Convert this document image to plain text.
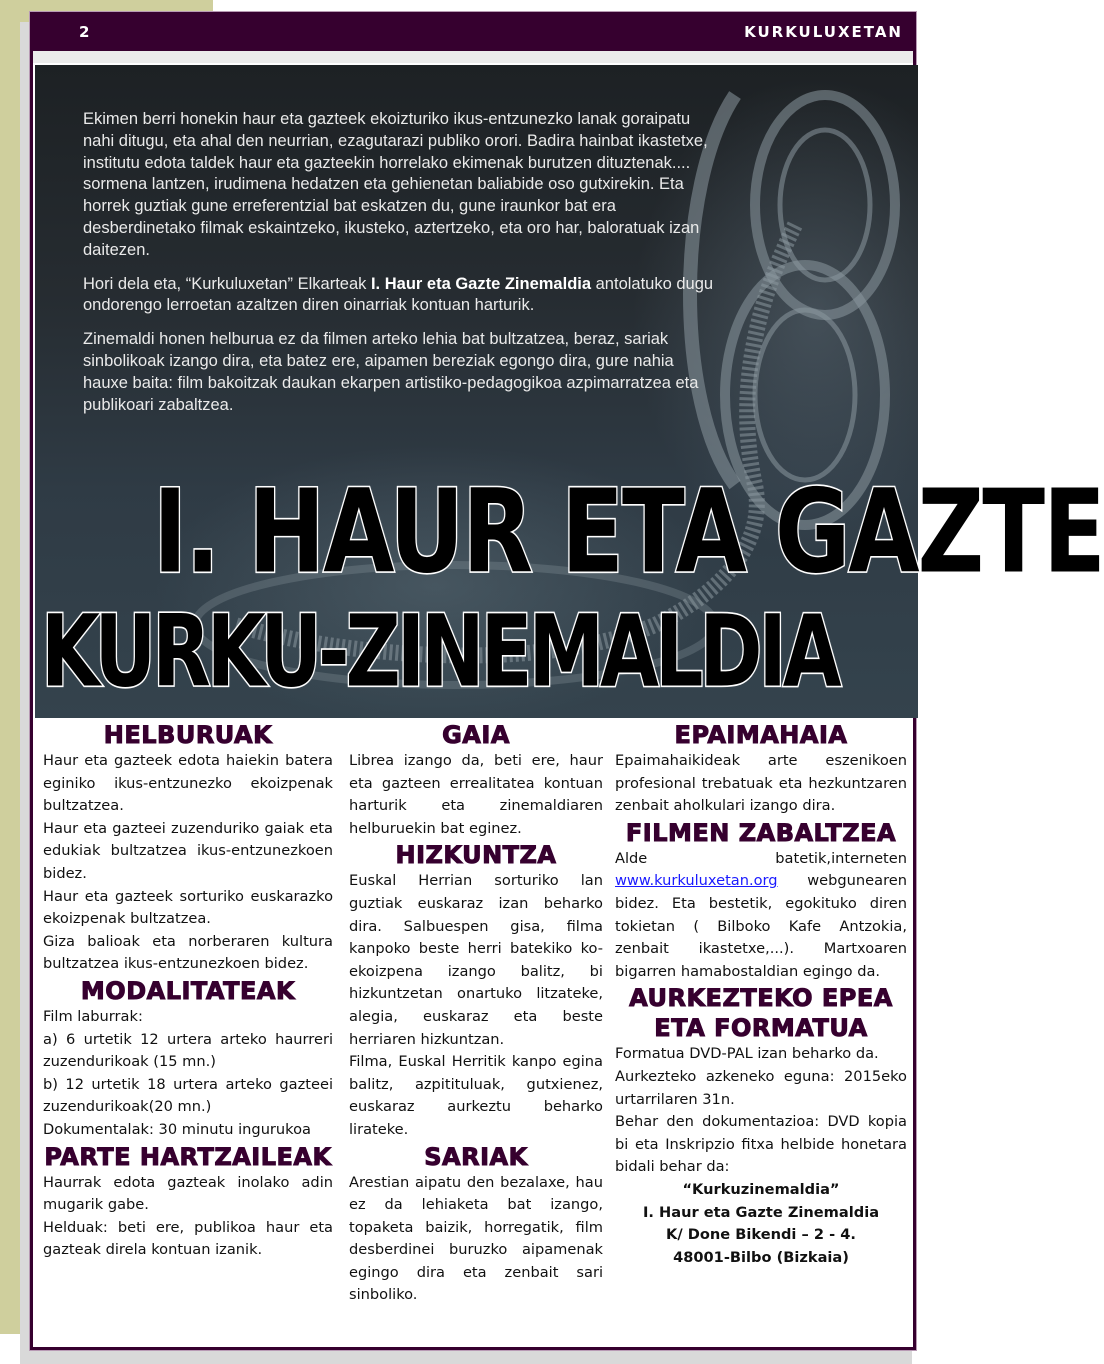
2	KURKULUXETAN

Ekimen berri honekin haur eta gazteek ekoizturiko ikus-entzunezko lanak goraipatu nahi ditugu, eta ahal den neurrian, ezagutarazi publiko orori. Badira hainbat ikastetxe, institutu edota taldek haur eta gazteekin horrelako ekimenak burutzen dituztenak.... sormena lantzen, irudimena hedatzen eta gehienetan baliabide oso gutxirekin. Eta horrek guztiak gune erreferentzial bat eskatzen du, gune iraunkor bat era desberdinetako filmak eskaintzeko, ikusteko, aztertzeko, eta oro har, baloratuak izan daitezen.

Hori dela eta, “Kurkuluxetan” Elkarteak I. Haur eta Gazte Zinemaldia antolatuko dugu ondorengo lerroetan azaltzen diren oinarriak kontuan harturik.

Zinemaldi honen helburua ez da filmen arteko lehia bat bultzatzea, beraz, sariak sinbolikoak izango dira, eta batez ere, aipamen bereziak egongo dira, gure nahia hauxe baita: film bakoitzak daukan ekarpen artistiko-pedagogikoa azpimarratzea eta publikoari zabaltzea.

I. HAUR ETA GAZTE
KURKU-ZINEMALDIA
HELBURUAK

Haur eta gazteek edota haiekin batera eginiko ikus-entzunezko ekoizpenak bultzatzea.

Haur eta gazteei zuzenduriko gaiak eta edukiak bultzatzea ikus-entzunezkoen bidez.

Haur eta gazteek sorturiko euskarazko ekoizpenak bultzatzea.

Giza balioak eta norberaren kultura bultzatzea ikus-entzunezkoen bidez.

MODALITATEAK

Film laburrak:

a) 6 urtetik 12 urtera arteko haurreri zuzendurikoak (15 mn.)

b) 12 urtetik 18 urtera arteko gazteei zuzendurikoak(20 mn.)

Dokumentalak: 30 minutu ingurukoa

PARTE HARTZAILEAK

Haurrak edota gazteak inolako adin mugarik gabe.

Helduak: beti ere, publikoa haur eta gazteak direla kontuan izanik.

GAIA

Librea izango da, beti ere, haur eta gazteen errealitatea kontuan harturik eta zinemaldiaren helburuekin bat eginez.

HIZKUNTZA

Euskal Herrian sorturiko lan guztiak euskaraz izan beharko dira. Salbuespen gisa, filma kanpoko beste herri batekiko ko-ekoizpena izango balitz, bi hizkuntzetan onartuko litzateke, alegia, euskaraz eta beste herriaren hizkuntzan.

Filma, Euskal Herritik kanpo egina balitz, azpitituluak, gutxienez, euskaraz aurkeztu beharko lirateke.

SARIAK

Arestian aipatu den bezalaxe, hau ez da lehiaketa bat izango, topaketa baizik, horregatik, film desberdinei buruzko aipamenak egingo dira eta zenbait sari sinboliko.

EPAIMAHAIA

Epaimahaikideak arte eszenikoen profesional trebatuak eta hezkuntzaren zenbait aholkulari izango dira.

FILMEN ZABALTZEA

Alde batetik,interneten www.kurkuluxetan.org webgunearen bidez. Eta bestetik, egokituko diren tokietan ( Bilboko Kafe Antzokia, zenbait ikastetxe,...). Martxoaren bigarren hamabostaldian egingo da.

AURKEZTEKO EPEA
ETA FORMATUA

Formatua DVD-PAL izan beharko da.

Aurkezteko azkeneko eguna: 2015eko urtarrilaren 31n.

Behar den dokumentazioa: DVD kopia bi eta Inskripzio fitxa helbide honetara bidali behar da:

“Kurkuzinemaldia”

I. Haur eta Gazte Zinemaldia

K/ Done Bikendi – 2 - 4.

48001-Bilbo (Bizkaia)
